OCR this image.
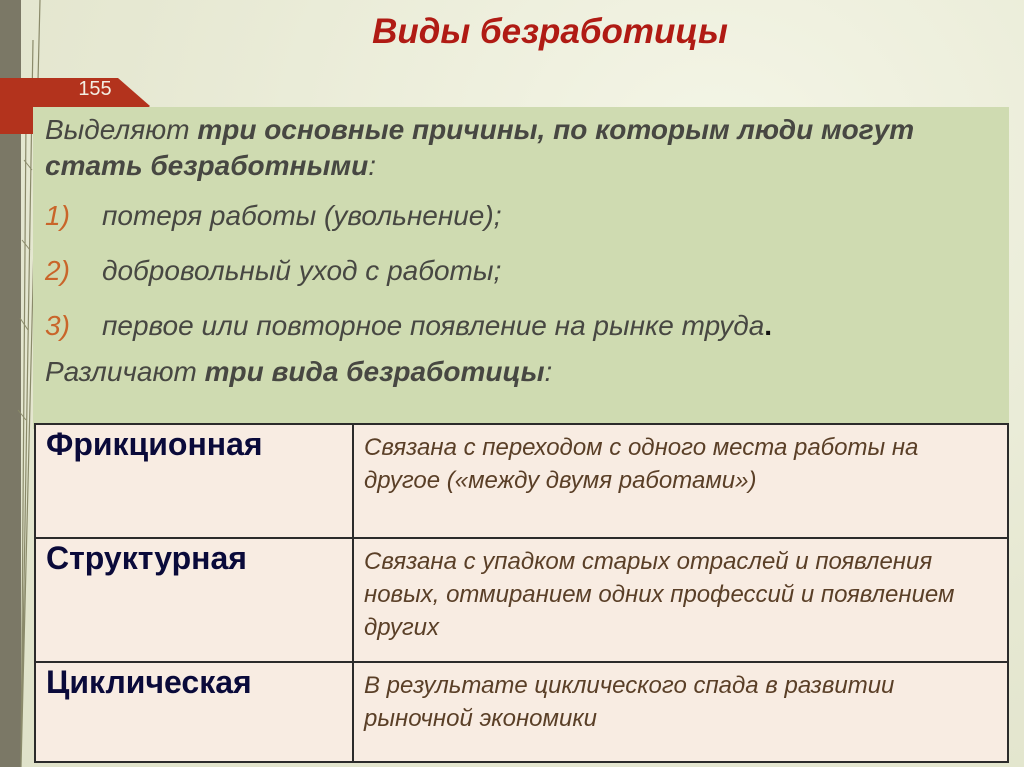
Виды безработицы
155
Выделяют три основные причины, по которым люди могут стать безработными:
1) потеря работы (увольнение);
2) добровольный уход с работы;
3) первое или повторное появление на рынке труда.
Различают три вида безработицы:
Фрикционная	Связана с переходом с одного места работы на другое («между двумя работами»)
Структурная	Связана с упадком старых отраслей и появления новых, отмиранием одних профессий и появлением других
Циклическая	В результате циклического спада в развитии рыночной экономики
